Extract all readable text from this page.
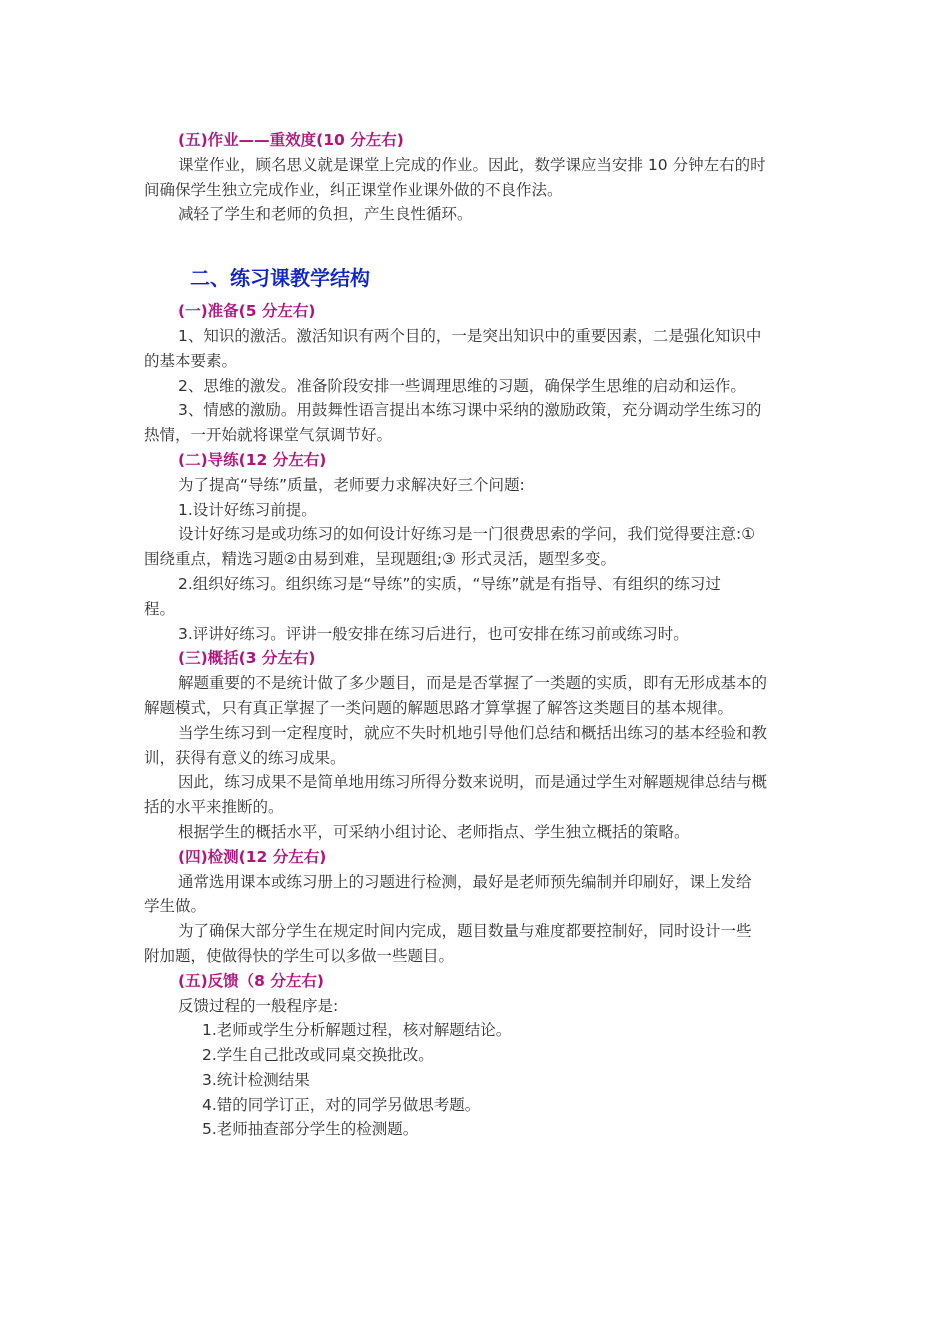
(五)作业——重效度(10 分左右)

课堂作业，顾名思义就是课堂上完成的作业。因此，数学课应当安排 10 分钟左右的时

间确保学生独立完成作业，纠正课堂作业课外做的不良作法。

减轻了学生和老师的负担，产生良性循环。

二、练习课教学结构
(一)准备(5 分左右)

1、知识的激活。激活知识有两个目的，一是突出知识中的重要因素，二是强化知识中

的基本要素。

2、思维的激发。准备阶段安排一些调理思维的习题，确保学生思维的启动和运作。

3、情感的激励。用鼓舞性语言提出本练习课中采纳的激励政策，充分调动学生练习的

热情，一开始就将课堂气氛调节好。

(二)导练(12 分左右)

为了提高“导练”质量，老师要力求解决好三个问题:

1.设计好练习前提。

设计好练习是或功练习的如何设计好练习是一门很费思索的学问，我们觉得要注意:①

围绕重点，精选习题②由易到难，呈现题组;③ 形式灵活，题型多变。

2.组织好练习。组织练习是“导练”的实质，“导练”就是有指导、有组织的练习过

程。

3.评讲好练习。评讲一般安排在练习后进行，也可安排在练习前或练习时。

(三)概括(3 分左右)

解题重要的不是统计做了多少题目，而是是否掌握了一类题的实质，即有无形成基本的

解题模式，只有真正掌握了一类问题的解题思路才算掌握了解答这类题目的基本规律。

当学生练习到一定程度时，就应不失时机地引导他们总结和概括出练习的基本经验和教

训，获得有意义的练习成果。

因此，练习成果不是简单地用练习所得分数来说明，而是通过学生对解题规律总结与概

括的水平来推断的。

根据学生的概括水平，可采纳小组讨论、老师指点、学生独立概括的策略。

(四)检测(12 分左右)

通常选用课本或练习册上的习题进行检测，最好是老师预先编制并印刷好，课上发给

学生做。

为了确保大部分学生在规定时间内完成，题目数量与难度都要控制好，同时设计一些

附加题，使做得快的学生可以多做一些题目。

(五)反馈（8 分左右)

反馈过程的一般程序是:

1.老师或学生分析解题过程，核对解题结论。

2.学生自己批改或同桌交换批改。

3.统计检测结果

4.错的同学订正，对的同学另做思考题。

5.老师抽查部分学生的检测题。
